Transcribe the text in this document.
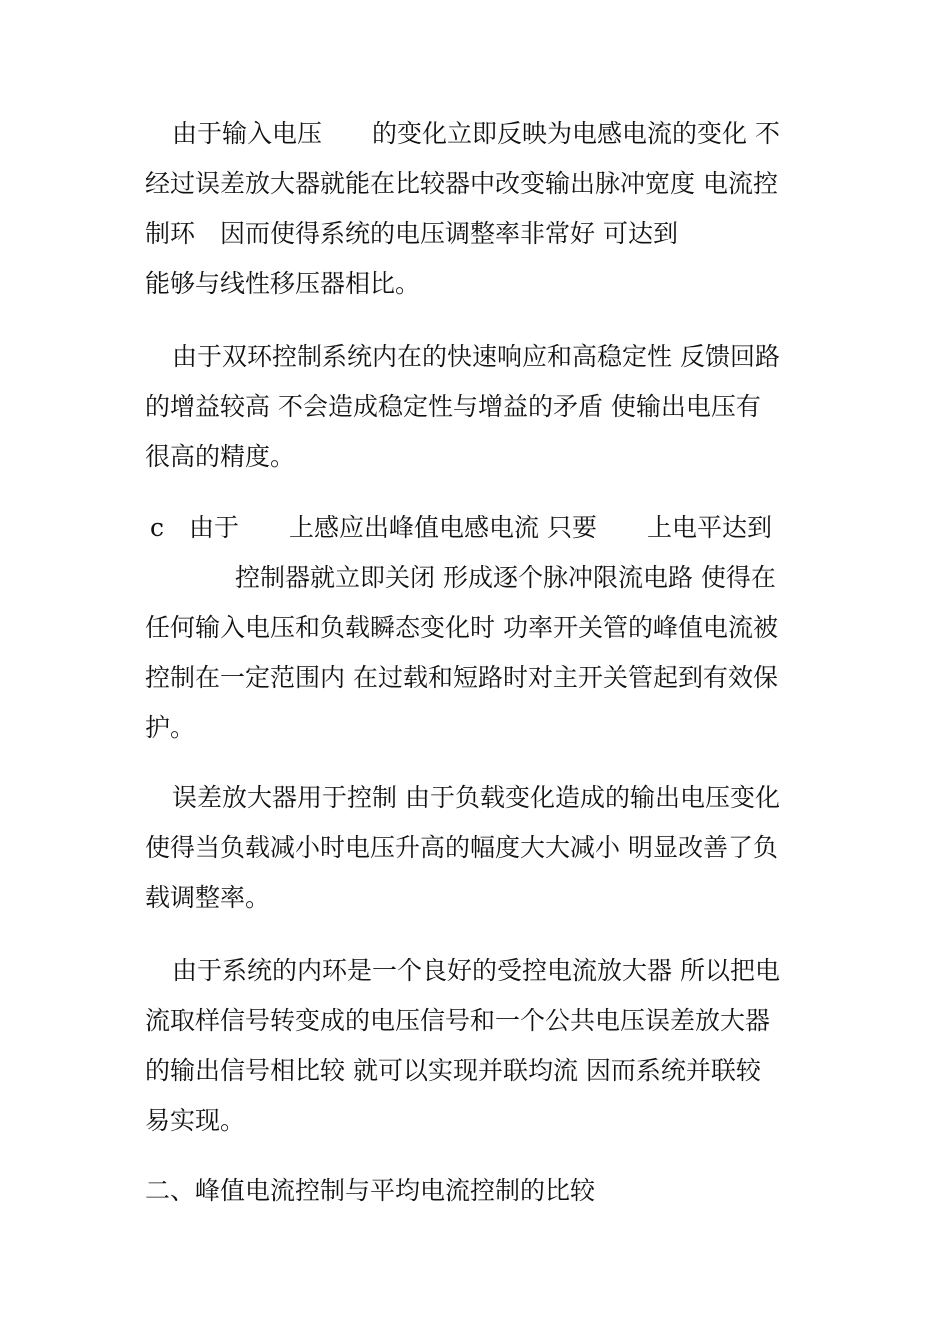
由于输入电压　　的变化立即反映为电感电流的变化 不

经过误差放大器就能在比较器中改变输出脉冲宽度 电流控

制环　因而使得系统的电压调整率非常好 可达到

能够与线性移压器相比。

由于双环控制系统内在的快速响应和高稳定性 反馈回路

的增益较高 不会造成稳定性与增益的矛盾 使输出电压有

很高的精度。

c　由于　　上感应出峰值电感电流 只要　　上电平达到

控制器就立即关闭 形成逐个脉冲限流电路 使得在

任何输入电压和负载瞬态变化时 功率开关管的峰值电流被

控制在一定范围内 在过载和短路时对主开关管起到有效保

护。

误差放大器用于控制 由于负载变化造成的输出电压变化

使得当负载减小时电压升高的幅度大大减小 明显改善了负

载调整率。

由于系统的内环是一个良好的受控电流放大器 所以把电

流取样信号转变成的电压信号和一个公共电压误差放大器

的输出信号相比较 就可以实现并联均流 因而系统并联较

易实现。

二、峰值电流控制与平均电流控制的比较
